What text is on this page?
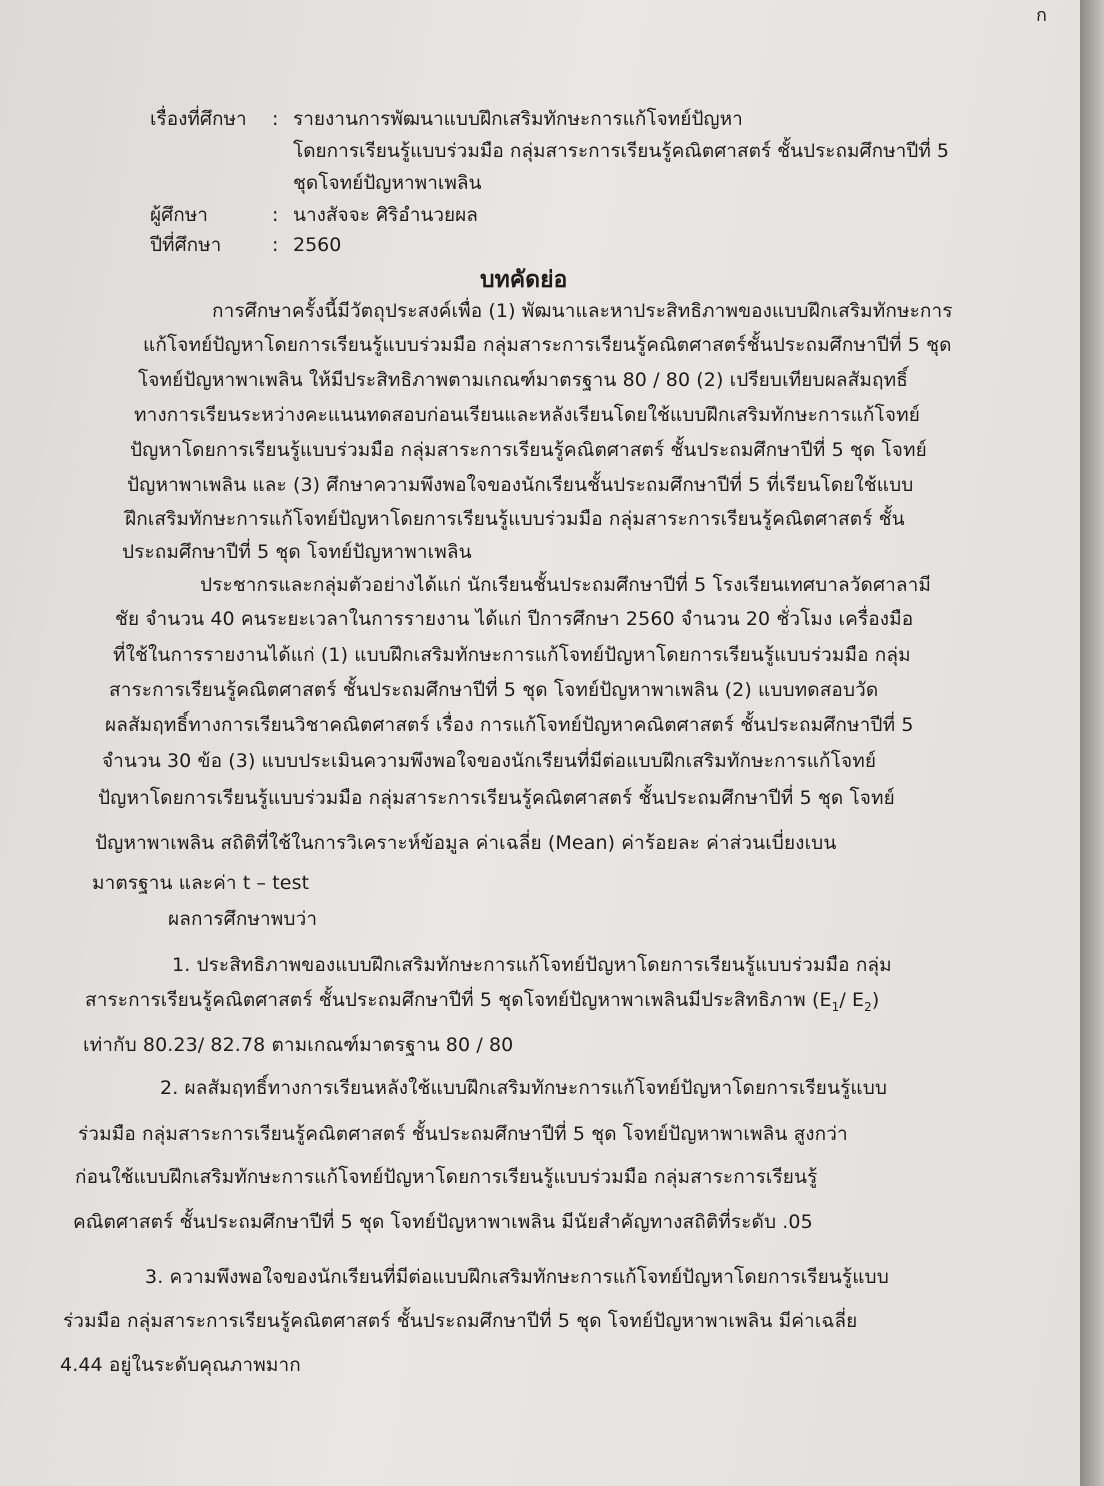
ก
เรื่องที่ศึกษา : รายงานการพัฒนาแบบฝึกเสริมทักษะการแก้โจทย์ปัญหา
โดยการเรียนรู้แบบร่วมมือ กลุ่มสาระการเรียนรู้คณิตศาสตร์ ชั้นประถมศึกษาปีที่ 5
ชุดโจทย์ปัญหาพาเพลิน
ผู้ศึกษา	: นางสัจจะ ศิริอำนวยผล
ปีที่ศึกษา	: 2560
บทคัดย่อ
การศึกษาครั้งนี้มีวัตถุประสงค์เพื่อ (1) พัฒนาและหาประสิทธิภาพของแบบฝึกเสริมทักษะการ
แก้โจทย์ปัญหาโดยการเรียนรู้แบบร่วมมือ กลุ่มสาระการเรียนรู้คณิตศาสตร์ชั้นประถมศึกษาปีที่ 5 ชุด
โจทย์ปัญหาพาเพลิน ให้มีประสิทธิภาพตามเกณฑ์มาตรฐาน 80 / 80 (2) เปรียบเทียบผลสัมฤทธิ์
ทางการเรียนระหว่างคะแนนทดสอบก่อนเรียนและหลังเรียนโดยใช้แบบฝึกเสริมทักษะการแก้โจทย์
ปัญหาโดยการเรียนรู้แบบร่วมมือ กลุ่มสาระการเรียนรู้คณิตศาสตร์ ชั้นประถมศึกษาปีที่ 5 ชุด โจทย์
ปัญหาพาเพลิน และ (3) ศึกษาความพึงพอใจของนักเรียนชั้นประถมศึกษาปีที่ 5 ที่เรียนโดยใช้แบบ
ฝึกเสริมทักษะการแก้โจทย์ปัญหาโดยการเรียนรู้แบบร่วมมือ กลุ่มสาระการเรียนรู้คณิตศาสตร์ ชั้น
ประถมศึกษาปีที่ 5 ชุด โจทย์ปัญหาพาเพลิน
ประชากรและกลุ่มตัวอย่างได้แก่ นักเรียนชั้นประถมศึกษาปีที่ 5 โรงเรียนเทศบาลวัดศาลามี
ชัย จำนวน 40 คนระยะเวลาในการรายงาน ได้แก่ ปีการศึกษา 2560 จำนวน 20 ชั่วโมง เครื่องมือ
ที่ใช้ในการรายงานได้แก่ (1) แบบฝึกเสริมทักษะการแก้โจทย์ปัญหาโดยการเรียนรู้แบบร่วมมือ กลุ่ม
สาระการเรียนรู้คณิตศาสตร์ ชั้นประถมศึกษาปีที่ 5 ชุด โจทย์ปัญหาพาเพลิน (2) แบบทดสอบวัด
ผลสัมฤทธิ์ทางการเรียนวิชาคณิตศาสตร์ เรื่อง การแก้โจทย์ปัญหาคณิตศาสตร์ ชั้นประถมศึกษาปีที่ 5
จำนวน 30 ข้อ (3) แบบประเมินความพึงพอใจของนักเรียนที่มีต่อแบบฝึกเสริมทักษะการแก้โจทย์
ปัญหาโดยการเรียนรู้แบบร่วมมือ กลุ่มสาระการเรียนรู้คณิตศาสตร์ ชั้นประถมศึกษาปีที่ 5 ชุด โจทย์
ปัญหาพาเพลิน สถิติที่ใช้ในการวิเคราะห์ข้อมูล ค่าเฉลี่ย (Mean) ค่าร้อยละ ค่าส่วนเบี่ยงเบน
มาตรฐาน และค่า t – test
ผลการศึกษาพบว่า
1. ประสิทธิภาพของแบบฝึกเสริมทักษะการแก้โจทย์ปัญหาโดยการเรียนรู้แบบร่วมมือ กลุ่ม
สาระการเรียนรู้คณิตศาสตร์ ชั้นประถมศึกษาปีที่ 5 ชุดโจทย์ปัญหาพาเพลินมีประสิทธิภาพ ($E_1/$ $E_2$)
เท่ากับ 80.23/ 82.78 ตามเกณฑ์มาตรฐาน 80 / 80
2. ผลสัมฤทธิ์ทางการเรียนหลังใช้แบบฝึกเสริมทักษะการแก้โจทย์ปัญหาโดยการเรียนรู้แบบ
ร่วมมือ กลุ่มสาระการเรียนรู้คณิตศาสตร์ ชั้นประถมศึกษาปีที่ 5 ชุด โจทย์ปัญหาพาเพลิน สูงกว่า
ก่อนใช้แบบฝึกเสริมทักษะการแก้โจทย์ปัญหาโดยการเรียนรู้แบบร่วมมือ กลุ่มสาระการเรียนรู้
คณิตศาสตร์ ชั้นประถมศึกษาปีที่ 5 ชุด โจทย์ปัญหาพาเพลิน มีนัยสำคัญทางสถิติที่ระดับ .05
3. ความพึงพอใจของนักเรียนที่มีต่อแบบฝึกเสริมทักษะการแก้โจทย์ปัญหาโดยการเรียนรู้แบบ
ร่วมมือ กลุ่มสาระการเรียนรู้คณิตศาสตร์ ชั้นประถมศึกษาปีที่ 5 ชุด โจทย์ปัญหาพาเพลิน มีค่าเฉลี่ย
4.44 อยู่ในระดับคุณภาพมาก
